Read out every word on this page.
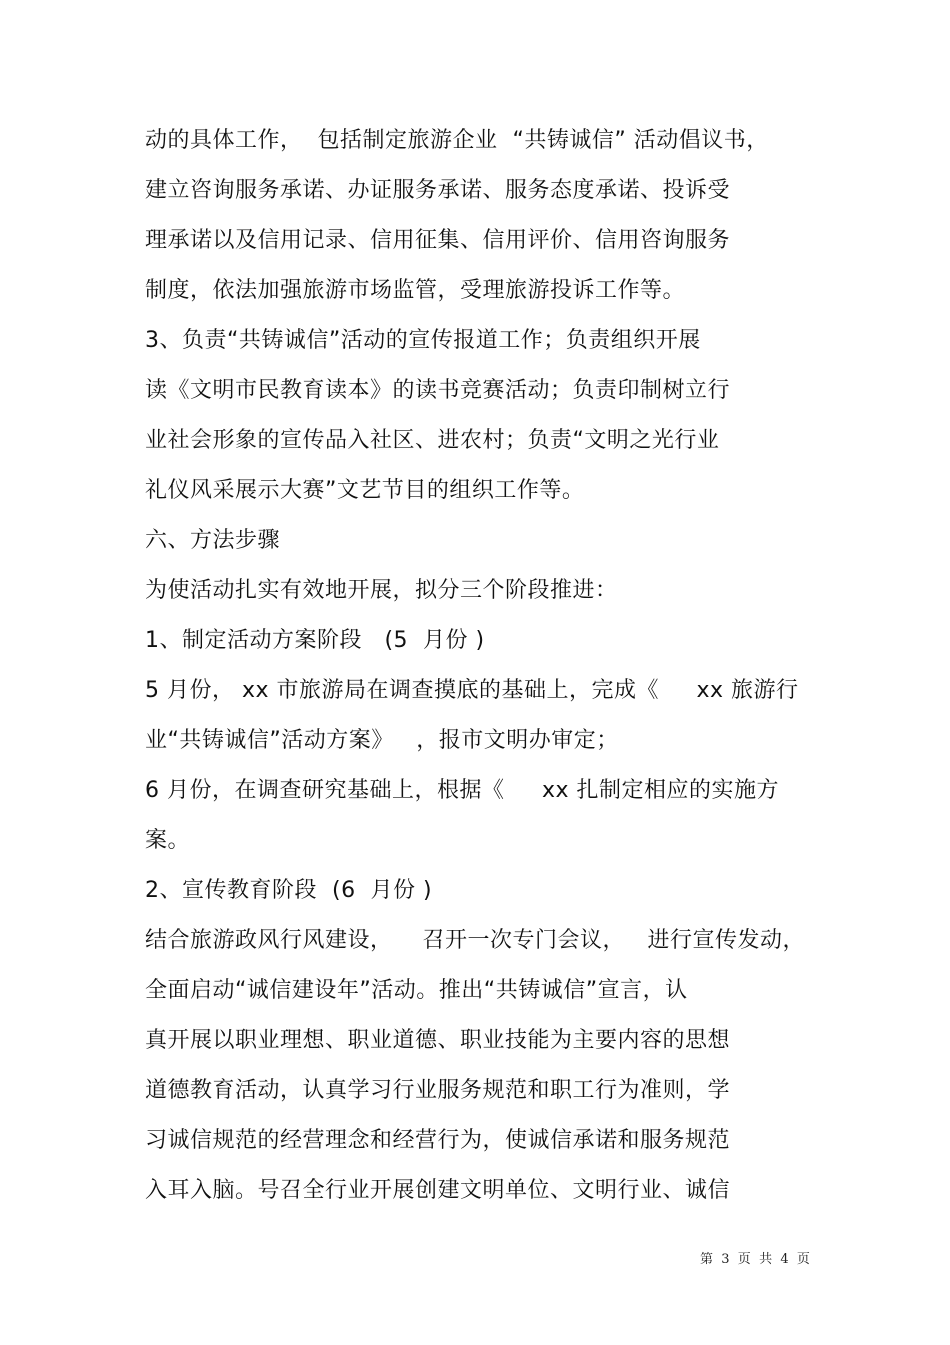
动的具体工作，  包括制定旅游企业  “共铸诚信” 活动倡议书，
建立咨询服务承诺、办证服务承诺、服务态度承诺、投诉受
理承诺以及信用记录、信用征集、信用评价、信用咨询服务
制度，依法加强旅游市场监管，受理旅游投诉工作等。
3、负责“共铸诚信”活动的宣传报道工作；负责组织开展
读《文明市民教育读本》的读书竞赛活动；负责印制树立行
业社会形象的宣传品入社区、进农村；负责“文明之光行业
礼仪风采展示大赛”文艺节目的组织工作等。
六、方法步骤
为使活动扎实有效地开展，拟分三个阶段推进：
1、制定活动方案阶段   (5  月份 )
5 月份， xx 市旅游局在调查摸底的基础上，完成《     xx 旅游行
业“共铸诚信”活动方案》   ，报市文明办审定；
6 月份，在调查研究基础上，根据《     xx 扎制定相应的实施方
案。
2、宣传教育阶段  (6  月份 )
结合旅游政风行风建设，    召开一次专门会议，   进行宣传发动，
全面启动“诚信建设年”活动。推出“共铸诚信”宣言，认
真开展以职业理想、职业道德、职业技能为主要内容的思想
道德教育活动，认真学习行业服务规范和职工行为准则，学
习诚信规范的经营理念和经营行为，使诚信承诺和服务规范
入耳入脑。号召全行业开展创建文明单位、文明行业、诚信
第  3  页  共  4  页
